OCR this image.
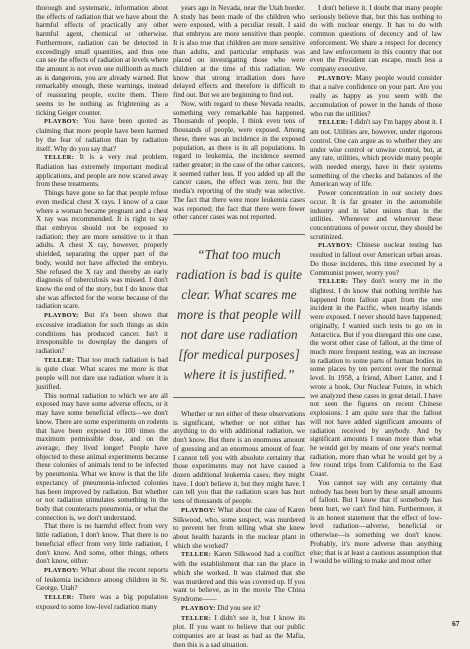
thorough and systematic, information about the effects of radiation that we have about the harmful effects of practically any other harmful agent, chemical or otherwise. Furthermore, radiation can be detected in exceedingly small quantities, and thus one can see the effects of radiation at levels where the amount is not even one millionth as much as is dangerous, you are already warned. But remarkably enough, these warnings, instead of reassuring people, excite them. There seems to be nothing as frightening as a ticking Geiger counter.

PLAYBOY: You have been quoted as claiming that more people have been harmed by the fear of radiation than by radiation itself. Why do you say that?

TELLER: It is a very real problem. Radiation has extremely important medical applications, and people are now scared away from these treatments.

Things have gone so far that people refuse even medical chest X rays. I know of a case where a woman became pregnant and a chest X ray was recommended. It is right to say that embryos should not be exposed to radiation; they are more sensitive to it than adults. A chest X ray, however, properly shielded, separating the upper part of the body, would not have affected the embryo. She refused the X ray and thereby an early diagnosis of tuberculosis was missed. I don't know the end of the story, but I do know that she was affected for the worse because of the radiation scare.

PLAYBOY: But it's been shown that excessive irradiation for such things as skin conditions has produced cancer. Isn't it irresponsible to downplay the dangers of radiation?

TELLER: That too much radiation is bad is quite clear. What scares me more is that people will not dare use radiation where it is justified.

This normal radiation to which we are all exposed may have some adverse effects, or it may have some beneficial effects—we don't know. There are some experiments on rodents that have been exposed to 100 times the maximum permissible dose, and on the average, they lived longer! People have objected to these animal experiments because these colonies of animals tend to be infected by pneumonia. What we know is that the life expectancy of pneumonia-infected colonies has been improved by radiation. But whether or not radiation stimulates something in the body that counteracts pneumonia, or what the connection is, we don't understand.

That there is no harmful effect from very little radiation, I don't know. That there is no beneficial effect from very little radiation, I don't know. And some, other things, others don't know, either.

PLAYBOY: What about the recent reports of leukemia incidence among children in St. George, Utah?

TELLER: There was a big population exposed to some low-level radiation many

years ago in Nevada, near the Utah border. A study has been made of the children who were exposed, with a peculiar result. I said that embryos are more sensitive than people. It is also true that children are more sensitive than adults, and particular emphasis was placed on investigating those who were children at the time of this radiation. We know that strong irradiation does have delayed effects and therefore is difficult to find out. But we are beginning to find out.

Now, with regard to these Nevada results, something very remarkable has happened. Thousands of people, I think even tens of thousands of people, were exposed. Among these, there was an incidence in the exposed population, as there is in all populations. In regard to leukemia, the incidence seemed rather greater; in the case of the other cancers, it seemed rather less. If you added up all the cancer cases, the effect was zero, but the media's reporting of the study was selective. The fact that there were more leukemia cases was reported; the fact that there were fewer other cancer cases was not reported.

“That too much radiation is bad is quite clear. What scares me more is that people will not dare use radiation [for medical purposes] where it is justified.”

Whether or not either of these observations is significant, whether or not either has anything to do with additional radiation, we don't know. But there is an enormous amount of guessing and an enormous amount of fear. I cannot tell you with absolute certainty that those experiments may not have caused a dozen additional leukemia cases; they might have. I don't believe it, but they might have. I can tell you that the radiation scare has hurt tens of thousands of people.

PLAYBOY: What about the case of Karen Silkwood, who, some suspect, was murdered to prevent her from telling what she knew about health hazards in the nuclear plant in which she worked?

TELLER: Karen Silkwood had a conflict with the establishment that ran the place in which she worked. It was claimed that she was murdered and this was covered up. If you want to believe, as in the movie The China Syndrome——

PLAYBOY: Did you see it?

TELLER: I didn't see it, but I know its plot. If you want to believe that our public companies are at least as bad as the Mafia, then this is a sad situation.

I don't believe it. I doubt that many people seriously believe that, but this has nothing to do with nuclear energy. It has to do with common questions of decency and of law enforcement. We share a respect for decency and law enforcement in this country that not even the President can escape, much less a company executive.

PLAYBOY: Many people would consider that a naïve confidence on your part. Are you really as happy as you seem with the accumulation of power in the hands of those who run the utilities?

TELLER: I didn't say I'm happy about it. I am not. Utilities are, however, under rigorous control. One can argue as to whether they are under wise control or unwise control, but, at any rate, utilities, which provide many people with needed energy, have in their systems something of the checks and balances of the American way of life.

Power concentration in our society does occur. It is far greater in the automobile industry and in labor unions than in the utilities. Whenever and wherever these concentrations of power occur, they should be scrutinized.

PLAYBOY: Chinese nuclear testing has resulted in fallout over American urban areas. Do those incidents, this time executed by a Communist power, worry you?

TELLER: They don't worry me in the slightest. I do know that nothing terrible has happened from fallout apart from the one incident in the Pacific, when nearby islands were exposed. I never should have happened; originally, I wanted such tests to go on in Antarctica. But if you disregard this one case, the worst other case of fallout, at the time of much more frequent testing, was an increase in radiation to some parts of human bodies in some places by ten percent over the normal level. In 1958, a friend, Albert Latter, and I wrote a book, Our Nuclear Future, in which we analyzed these cases in great detail. I have not seen the figures on recent Chinese explosions. I am quite sure that the fallout will not have added significant amounts of radiation received by anybody. And by significant amounts I mean more than what he would get by means of one year's normal radiation, more than what he would get by a few round trips from California to the East Coast.

You cannot say with any certainty that nobody has been hurt by these small amounts of fallout. But I know that if somebody has been hurt, we can't find him. Furthermore, it is an honest statement that the effect of low-level radiation—adverse, beneficial or otherwise—is something we don't know. Probably, it's more adverse than anything else; that is at least a cautious assumption that I would be willing to make and most other

67
